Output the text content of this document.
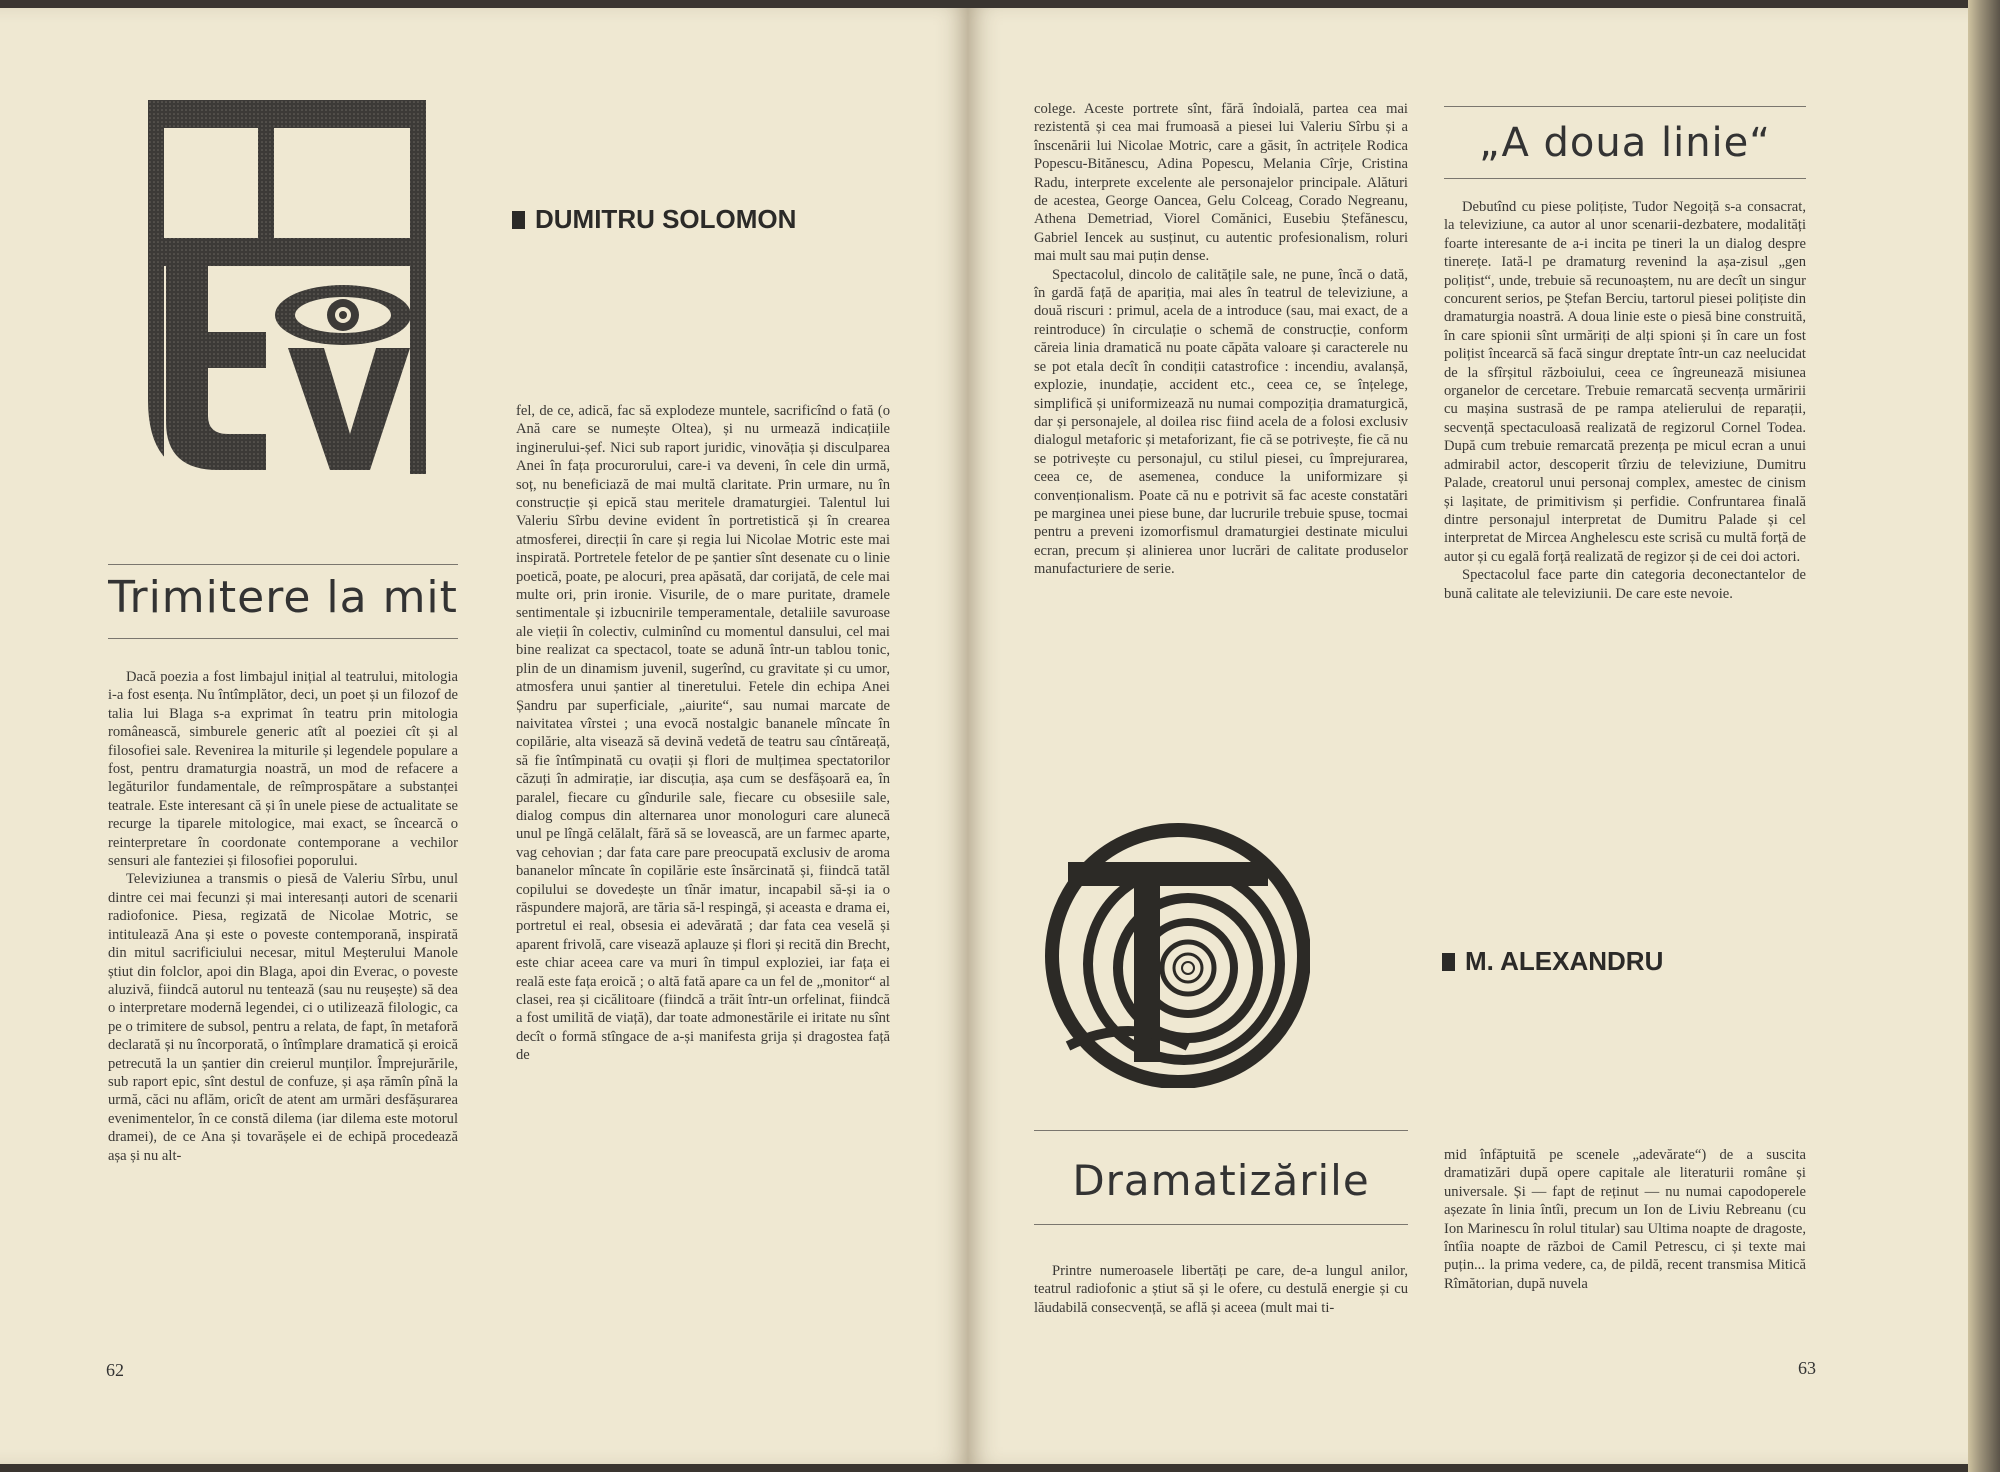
DUMITRU SOLOMON
Trimitere la mit

Dacă poezia a fost limbajul inițial al teatrului, mitologia i-a fost esența. Nu întîmplător, deci, un poet și un filozof de talia lui Blaga s-a exprimat în teatru prin mitologia românească, simburele generic atît al poeziei cît și al filosofiei sale. Revenirea la miturile și legendele populare a fost, pentru dramaturgia noastră, un mod de refacere a legăturilor fundamentale, de reîmprospătare a substanței teatrale. Este interesant că și în unele piese de actualitate se recurge la tiparele mitologice, mai exact, se încearcă o reinterpretare în coordonate contemporane a vechilor sensuri ale fanteziei și filosofiei poporului.

Televiziunea a transmis o piesă de Valeriu Sîrbu, unul dintre cei mai fecunzi și mai interesanți autori de scenarii radiofonice. Piesa, regizată de Nicolae Motric, se intitulează Ana și este o poveste contemporană, inspirată din mitul sacrificiului necesar, mitul Meșterului Manole știut din folclor, apoi din Blaga, apoi din Everac, o poveste aluzivă, fiindcă autorul nu tentează (sau nu reușește) să dea o interpretare modernă legendei, ci o utilizează filologic, ca pe o trimitere de subsol, pentru a relata, de fapt, în metaforă declarată și nu încorporată, o întîmplare dramatică și eroică petrecută la un șantier din creierul munților. Împrejurările, sub raport epic, sînt destul de confuze, și așa rămîn pînă la urmă, căci nu aflăm, oricît de atent am urmări desfășurarea evenimentelor, în ce constă dilema (iar dilema este motorul dramei), de ce Ana și tovarășele ei de echipă procedează așa și nu alt-

fel, de ce, adică, fac să explodeze muntele, sacrificînd o fată (o Ană care se numește Oltea), și nu urmează indicațiile inginerului-șef. Nici sub raport juridic, vinovăția și disculparea Anei în fața procurorului, care-i va deveni, în cele din urmă, soț, nu beneficiază de mai multă claritate. Prin urmare, nu în construcție și epică stau meritele dramaturgiei. Talentul lui Valeriu Sîrbu devine evident în portretistică și în crearea atmosferei, direcții în care și regia lui Nicolae Motric este mai inspirată. Portretele fetelor de pe șantier sînt desenate cu o linie poetică, poate, pe alocuri, prea apăsată, dar corijată, de cele mai multe ori, prin ironie. Visurile, de o mare puritate, dramele sentimentale și izbucnirile temperamentale, detaliile savuroase ale vieții în colectiv, culminînd cu momentul dansului, cel mai bine realizat ca spectacol, toate se adună într-un tablou tonic, plin de un dinamism juvenil, sugerînd, cu gravitate și cu umor, atmosfera unui șantier al tineretului. Fetele din echipa Anei Șandru par superficiale, „aiurite“, sau numai marcate de naivitatea vîrstei ; una evocă nostalgic bananele mîncate în copilărie, alta visează să devină vedetă de teatru sau cîntăreață, să fie întîmpinată cu ovații și flori de mulțimea spectatorilor căzuți în admirație, iar discuția, așa cum se desfășoară ea, în paralel, fiecare cu gîndurile sale, fiecare cu obsesiile sale, dialog compus din alternarea unor monologuri care alunecă unul pe lîngă celălalt, fără să se lovească, are un farmec aparte, vag cehovian ; dar fata care pare preocupată exclusiv de aroma bananelor mîncate în copilărie este însărcinată și, fiindcă tatăl copilului se dovedește un tînăr imatur, incapabil să-și ia o răspundere majoră, are tăria să-l respingă, și aceasta e drama ei, portretul ei real, obsesia ei adevărată ; dar fata cea veselă și aparent frivolă, care visează aplauze și flori și recită din Brecht, este chiar aceea care va muri în timpul exploziei, iar fața ei reală este fața eroică ; o altă fată apare ca un fel de „monitor“ al clasei, rea și cicălitoare (fiindcă a trăit într-un orfelinat, fiindcă a fost umilită de viață), dar toate admonestările ei iritate nu sînt decît o formă stîngace de a-și manifesta grija și dragostea față de

62

colege. Aceste portrete sînt, fără îndoială, partea cea mai rezistentă și cea mai frumoasă a piesei lui Valeriu Sîrbu și a înscenării lui Nicolae Motric, care a găsit, în actrițele Rodica Popescu-Bitănescu, Adina Popescu, Melania Cîrje, Cristina Radu, interprete excelente ale personajelor principale. Alături de acestea, George Oancea, Gelu Colceag, Corado Negreanu, Athena Demetriad, Viorel Comănici, Eusebiu Ștefănescu, Gabriel Iencek au susținut, cu autentic profesionalism, roluri mai mult sau mai puțin dense.

Spectacolul, dincolo de calitățile sale, ne pune, încă o dată, în gardă față de apariția, mai ales în teatrul de televiziune, a două riscuri : primul, acela de a introduce (sau, mai exact, de a reintroduce) în circulație o schemă de construcție, conform căreia linia dramatică nu poate căpăta valoare și caracterele nu se pot etala decît în condiții catastrofice : incendiu, avalanșă, explozie, inundație, accident etc., ceea ce, se înțelege, simplifică și uniformizează nu numai compoziția dramaturgică, dar și personajele, al doilea risc fiind acela de a folosi exclusiv dialogul metaforic și metaforizant, fie că se potrivește, fie că nu se potrivește cu personajul, cu stilul piesei, cu împrejurarea, ceea ce, de asemenea, conduce la uniformizare și convenționalism. Poate că nu e potrivit să fac aceste constatări pe marginea unei piese bune, dar lucrurile trebuie spuse, tocmai pentru a preveni izomorfismul dramaturgiei destinate micului ecran, precum și alinierea unor lucrări de calitate produselor manufacturiere de serie.

„A doua linie“

Debutînd cu piese polițiste, Tudor Negoiță s-a consacrat, la televiziune, ca autor al unor scenarii-dezbatere, modalități foarte interesante de a-i incita pe tineri la un dialog despre tinerețe. Iată-l pe dramaturg revenind la așa-zisul „gen polițist“, unde, trebuie să recunoaștem, nu are decît un singur concurent serios, pe Ștefan Berciu, tartorul piesei polițiste din dramaturgia noastră. A doua linie este o piesă bine construită, în care spionii sînt urmăriți de alți spioni și în care un fost polițist încearcă să facă singur dreptate într-un caz neelucidat de la sfîrșitul războiului, ceea ce îngreunează misiunea organelor de cercetare. Trebuie remarcată secvența urmăririi cu mașina sustrasă de pe rampa atelierului de reparații, secvență spectaculoasă realizată de regizorul Cornel Todea. După cum trebuie remarcată prezența pe micul ecran a unui admirabil actor, descoperit tîrziu de televiziune, Dumitru Palade, creatorul unui personaj complex, amestec de cinism și lașitate, de primitivism și perfidie. Confruntarea finală dintre personajul interpretat de Dumitru Palade și cel interpretat de Mircea Anghelescu este scrisă cu multă forță de autor și cu egală forță realizată de regizor și de cei doi actori.

Spectacolul face parte din categoria deconectantelor de bună calitate ale televiziunii. De care este nevoie.

M. ALEXANDRU
Dramatizările

Printre numeroasele libertăți pe care, de-a lungul anilor, teatrul radiofonic a știut să și le ofere, cu destulă energie și cu lăudabilă consecvență, se află și aceea (mult mai ti-

mid înfăptuită pe scenele „adevărate“) de a suscita dramatizări după opere capitale ale literaturii române și universale. Și — fapt de reținut — nu numai capodoperele așezate în linia întîi, precum un Ion de Liviu Rebreanu (cu Ion Marinescu în rolul titular) sau Ultima noapte de dragoste, întîia noapte de război de Camil Petrescu, ci și texte mai puțin... la prima vedere, ca, de pildă, recent transmisa Mitică Rîmătorian, după nuvela

63
